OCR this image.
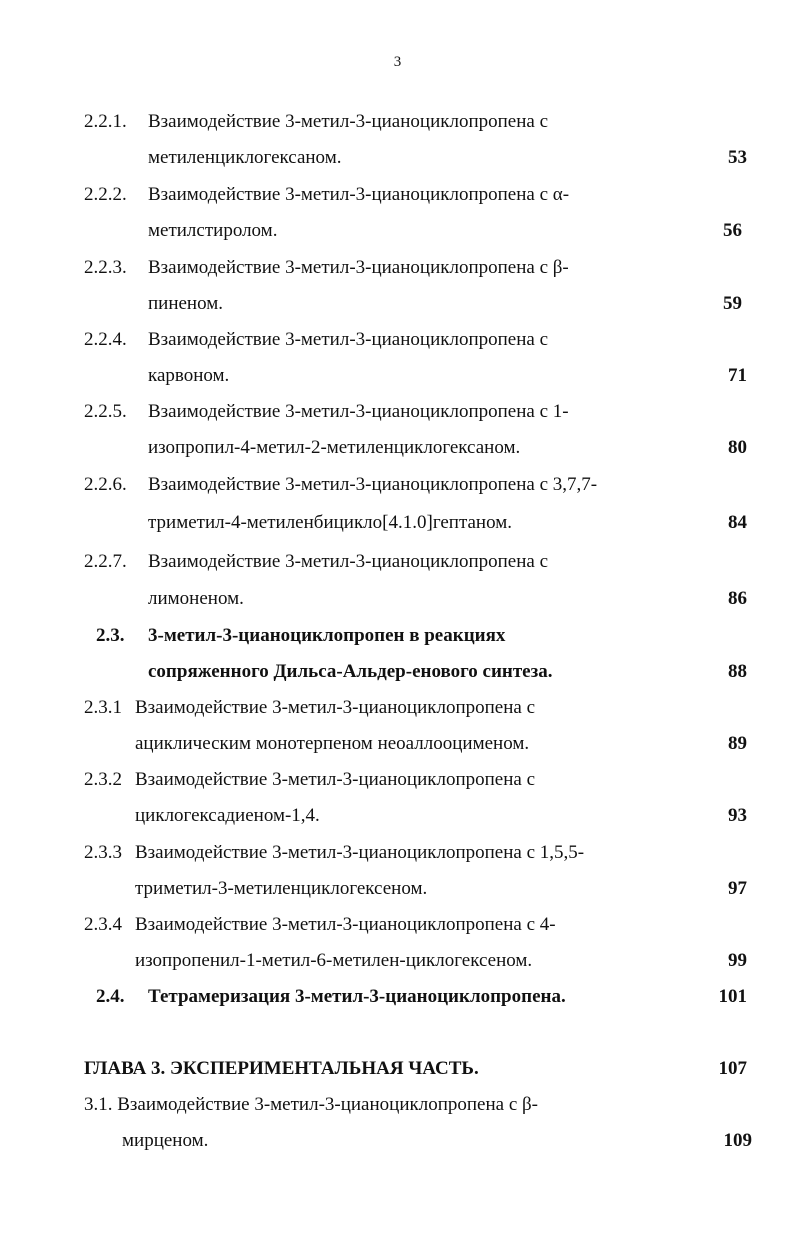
3
2.2.1. Взаимодействие 3-метил-3-цианоциклопропена с
метиленциклогексаном.	53
2.2.2. Взаимодействие 3-метил-3-цианоциклопропена с α-
метилстиролом.	56
2.2.3. Взаимодействие 3-метил-3-цианоциклопропена с β-
пиненом.	59
2.2.4. Взаимодействие 3-метил-3-цианоциклопропена с
карвоном.	71
2.2.5. Взаимодействие 3-метил-3-цианоциклопропена с 1-
изопропил-4-метил-2-метиленциклогексаном.	80
2.2.6. Взаимодействие 3-метил-3-цианоциклопропена с 3,7,7-
триметил-4-метиленбицикло[4.1.0]гептаном.	84
2.2.7. Взаимодействие 3-метил-3-цианоциклопропена с
лимоненом.	86
2.3. 3-метил-3-цианоциклопропен в реакциях
сопряженного Дильса-Альдер-енового синтеза.	88
2.3.1 Взаимодействие 3-метил-3-цианоциклопропена с
ациклическим монотерпеном неоаллооцименом.	89
2.3.2 Взаимодействие 3-метил-3-цианоциклопропена с
циклогексадиеном-1,4.	93
2.3.3 Взаимодействие 3-метил-3-цианоциклопропена с 1,5,5-
триметил-3-метиленциклогексеном.	97
2.3.4 Взаимодействие 3-метил-3-цианоциклопропена с 4-
изопропенил-1-метил-6-метилен-циклогексеном.	99
2.4. Тетрамеризация 3-метил-3-цианоциклопропена.	101
ГЛАВА 3. ЭКСПЕРИМЕНТАЛЬНАЯ ЧАСТЬ.	107
3.1. Взаимодействие 3-метил-3-цианоциклопропена с β-
мирценом.	109
